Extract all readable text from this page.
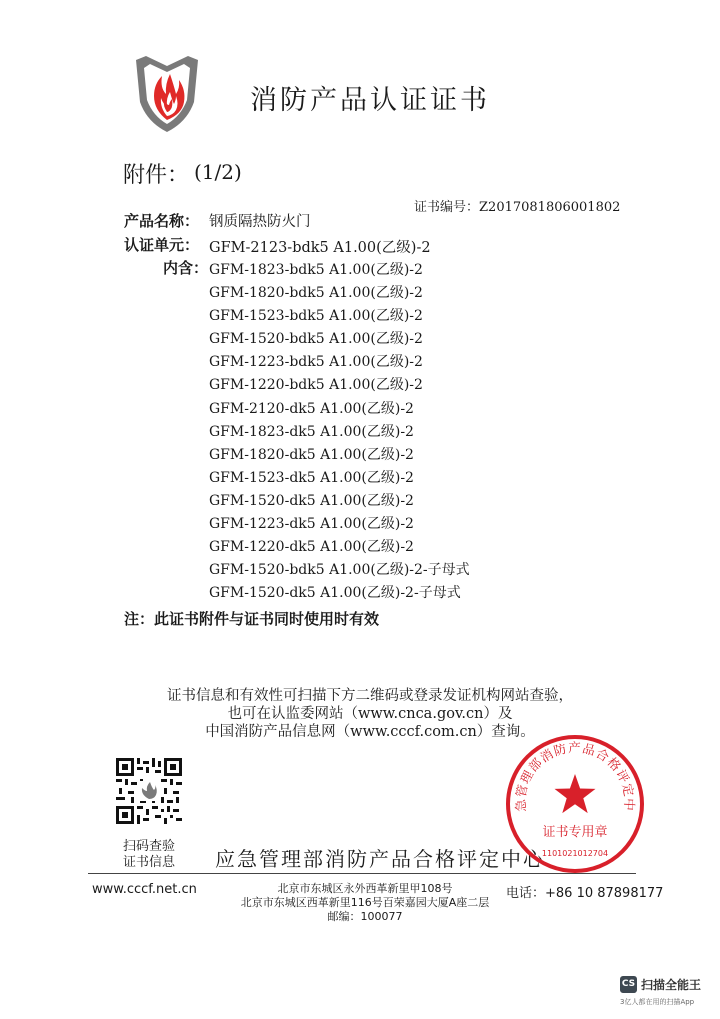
消防产品认证证书
附件： (1/2)
证书编号：Z2017081806001802
产品名称： 钢质隔热防火门
认证单元： GFM-2123-bdk5 A1.00(乙级)-2
内含： GFM-1823-bdk5 A1.00(乙级)-2
GFM-1820-bdk5 A1.00(乙级)-2
GFM-1523-bdk5 A1.00(乙级)-2
GFM-1520-bdk5 A1.00(乙级)-2
GFM-1223-bdk5 A1.00(乙级)-2
GFM-1220-bdk5 A1.00(乙级)-2
GFM-2120-dk5 A1.00(乙级)-2
GFM-1823-dk5 A1.00(乙级)-2
GFM-1820-dk5 A1.00(乙级)-2
GFM-1523-dk5 A1.00(乙级)-2
GFM-1520-dk5 A1.00(乙级)-2
GFM-1223-dk5 A1.00(乙级)-2
GFM-1220-dk5 A1.00(乙级)-2
GFM-1520-bdk5 A1.00(乙级)-2-子母式
GFM-1520-dk5 A1.00(乙级)-2-子母式
注：此证书附件与证书同时使用时有效
证书信息和有效性可扫描下方二维码或登录发证机构网站查验，
也可在认监委网站（www.cnca.gov.cn）及
中国消防产品信息网（www.cccf.com.cn）查询。
扫码查验
证书信息	应急管理部消防产品合格评定中心
急管理部消防产品合格评定中
证书专用章
1101021012704
www.cccf.net.cn	北京市东城区永外西革新里甲108号
北京市东城区西革新里116号百荣嘉园大厦A座二层
邮编：100077
电话：+86 10 87898177
CS 扫描全能王
3亿人都在用的扫描App
